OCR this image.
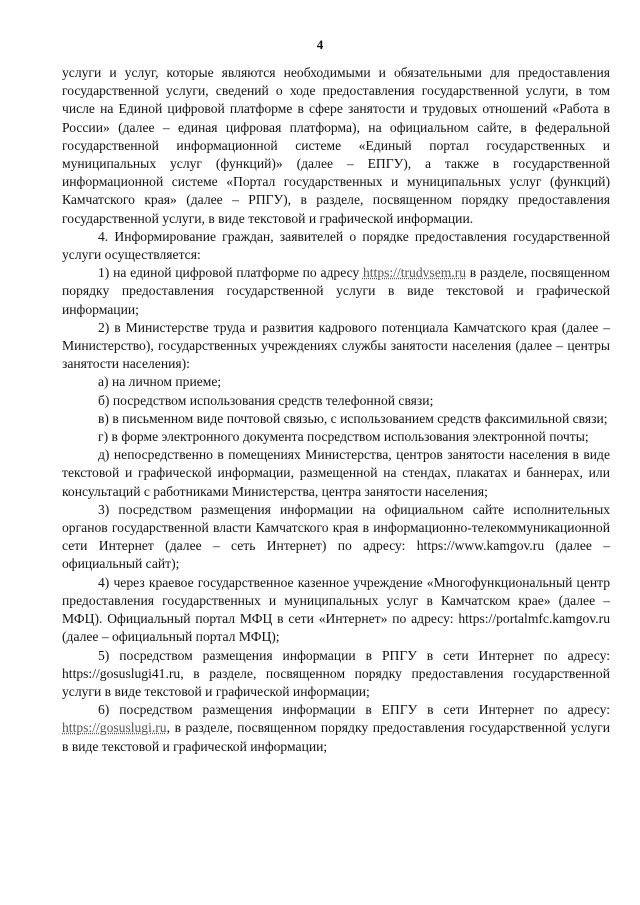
4

услуги и услуг, которые являются необходимыми и обязательными для предоставления государственной услуги, сведений о ходе предоставления государственной услуги, в том числе на Единой цифровой платформе в сфере занятости и трудовых отношений «Работа в России» (далее – единая цифровая платформа), на официальном сайте, в федеральной государственной информационной системе «Единый портал государственных и муниципальных услуг (функций)» (далее – ЕПГУ), а также в государственной информационной системе «Портал государственных и муниципальных услуг (функций) Камчатского края» (далее – РПГУ), в разделе, посвященном порядку предоставления государственной услуги, в виде текстовой и графической информации.

4. Информирование граждан, заявителей о порядке предоставления государственной услуги осуществляется:

1) на единой цифровой платформе по адресу https://trudvsem.ru в разделе, посвященном порядку предоставления государственной услуги в виде текстовой и графической информации;

2) в Министерстве труда и развития кадрового потенциала Камчатского края (далее – Министерство), государственных учреждениях службы занятости населения (далее – центры занятости населения):

а) на личном приеме;

б) посредством использования средств телефонной связи;

в) в письменном виде почтовой связью, с использованием средств факсимильной связи;

г) в форме электронного документа посредством использования электронной почты;

д) непосредственно в помещениях Министерства, центров занятости населения в виде текстовой и графической информации, размещенной на стендах, плакатах и баннерах, или консультаций с работниками Министерства, центра занятости населения;

3) посредством размещения информации на официальном сайте исполнительных органов государственной власти Камчатского края в информационно-телекоммуникационной сети Интернет (далее – сеть Интернет) по адресу: https://www.kamgov.ru (далее – официальный сайт);

4) через краевое государственное казенное учреждение «Многофункциональный центр предоставления государственных и муниципальных услуг в Камчатском крае» (далее – МФЦ). Официальный портал МФЦ в сети «Интернет» по адресу: https://portalmfc.kamgov.ru (далее – официальный портал МФЦ);

5) посредством размещения информации в РПГУ в сети Интернет по адресу: https://gosuslugi41.ru, в разделе, посвященном порядку предоставления государственной услуги в виде текстовой и графической информации;

6) посредством размещения информации в ЕПГУ в сети Интернет по адресу: https://gosuslugi.ru, в разделе, посвященном порядку предоставления государственной услуги в виде текстовой и графической информации;
